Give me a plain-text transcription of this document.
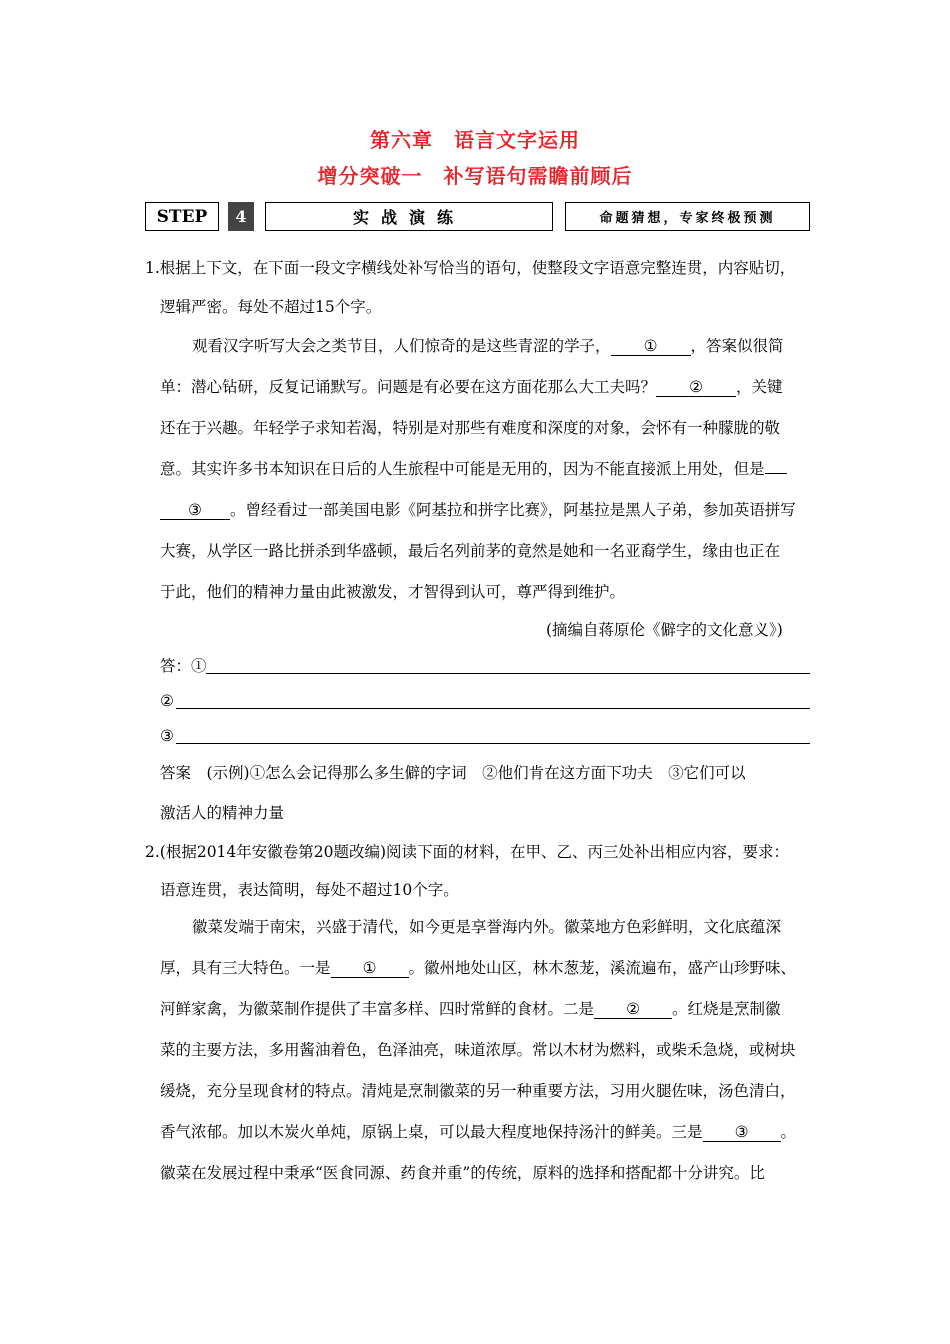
第六章　语言文字运用
增分突破一　补写语句需瞻前顾后
STEP	4	实战演练	命题猜想，专家终极预测
1.根据上下文，在下面一段文字横线处补写恰当的语句，使整段文字语意完整连贯，内容贴切，
逻辑严密。每处不超过15个字。
观看汉字听写大会之类节目，人们惊奇的是这些青涩的学子， ① ，答案似很简
单：潜心钻研，反复记诵默写。问题是有必要在这方面花那么大工夫吗？ ② ，关键
还在于兴趣。年轻学子求知若渴，特别是对那些有难度和深度的对象，会怀有一种朦胧的敬
意。其实许多书本知识在日后的人生旅程中可能是无用的，因为不能直接派上用处，但是
③ 。曾经看过一部美国电影《阿基拉和拼字比赛》，阿基拉是黑人子弟，参加英语拼写
大赛，从学区一路比拼杀到华盛顿，最后名列前茅的竟然是她和一名亚裔学生，缘由也正在
于此，他们的精神力量由此被激发，才智得到认可，尊严得到维护。
(摘编自蒋原伦《僻字的文化意义》)
答：①
②
③
答案　(示例)①怎么会记得那么多生僻的字词　②他们肯在这方面下功夫　③它们可以
激活人的精神力量
2.(根据2014年安徽卷第20题改编)阅读下面的材料，在甲、乙、丙三处补出相应内容，要求：
语意连贯，表达简明，每处不超过10个字。
徽菜发端于南宋，兴盛于清代，如今更是享誉海内外。徽菜地方色彩鲜明，文化底蕴深
厚，具有三大特色。一是 ① 。徽州地处山区，林木葱茏，溪流遍布，盛产山珍野味、
河鲜家禽，为徽菜制作提供了丰富多样、四时常鲜的食材。二是 ② 。红烧是烹制徽
菜的主要方法，多用酱油着色，色泽油亮，味道浓厚。常以木材为燃料，或柴禾急烧，或树块
缓烧，充分呈现食材的特点。清炖是烹制徽菜的另一种重要方法，习用火腿佐味，汤色清白，
香气浓郁。加以木炭火单炖，原锅上桌，可以最大程度地保持汤汁的鲜美。三是 ③ 。
徽菜在发展过程中秉承“医食同源、药食并重”的传统，原料的选择和搭配都十分讲究。比
